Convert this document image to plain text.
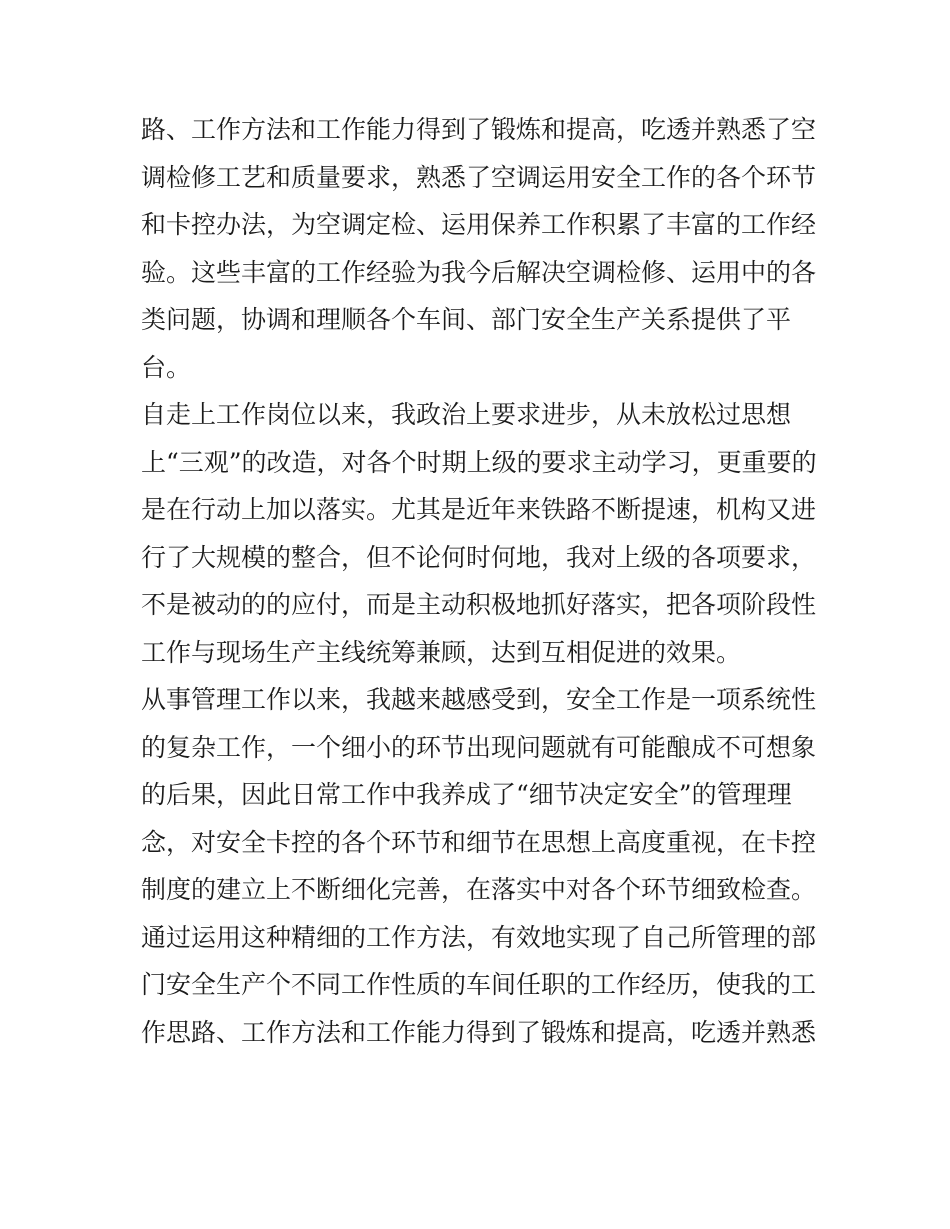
路、工作方法和工作能力得到了锻炼和提高，吃透并熟悉了空
调检修工艺和质量要求，熟悉了空调运用安全工作的各个环节
和卡控办法，为空调定检、运用保养工作积累了丰富的工作经
验。这些丰富的工作经验为我今后解决空调检修、运用中的各
类问题，协调和理顺各个车间、部门安全生产关系提供了平
台。
自走上工作岗位以来，我政治上要求进步，从未放松过思想
上“三观”的改造，对各个时期上级的要求主动学习，更重要的
是在行动上加以落实。尤其是近年来铁路不断提速，机构又进
行了大规模的整合，但不论何时何地，我对上级的各项要求，
不是被动的的应付，而是主动积极地抓好落实，把各项阶段性
工作与现场生产主线统筹兼顾，达到互相促进的效果。
从事管理工作以来，我越来越感受到，安全工作是一项系统性
的复杂工作，一个细小的环节出现问题就有可能酿成不可想象
的后果，因此日常工作中我养成了“细节决定安全”的管理理
念，对安全卡控的各个环节和细节在思想上高度重视，在卡控
制度的建立上不断细化完善，在落实中对各个环节细致检查。
通过运用这种精细的工作方法，有效地实现了自己所管理的部
门安全生产个不同工作性质的车间任职的工作经历，使我的工
作思路、工作方法和工作能力得到了锻炼和提高，吃透并熟悉
